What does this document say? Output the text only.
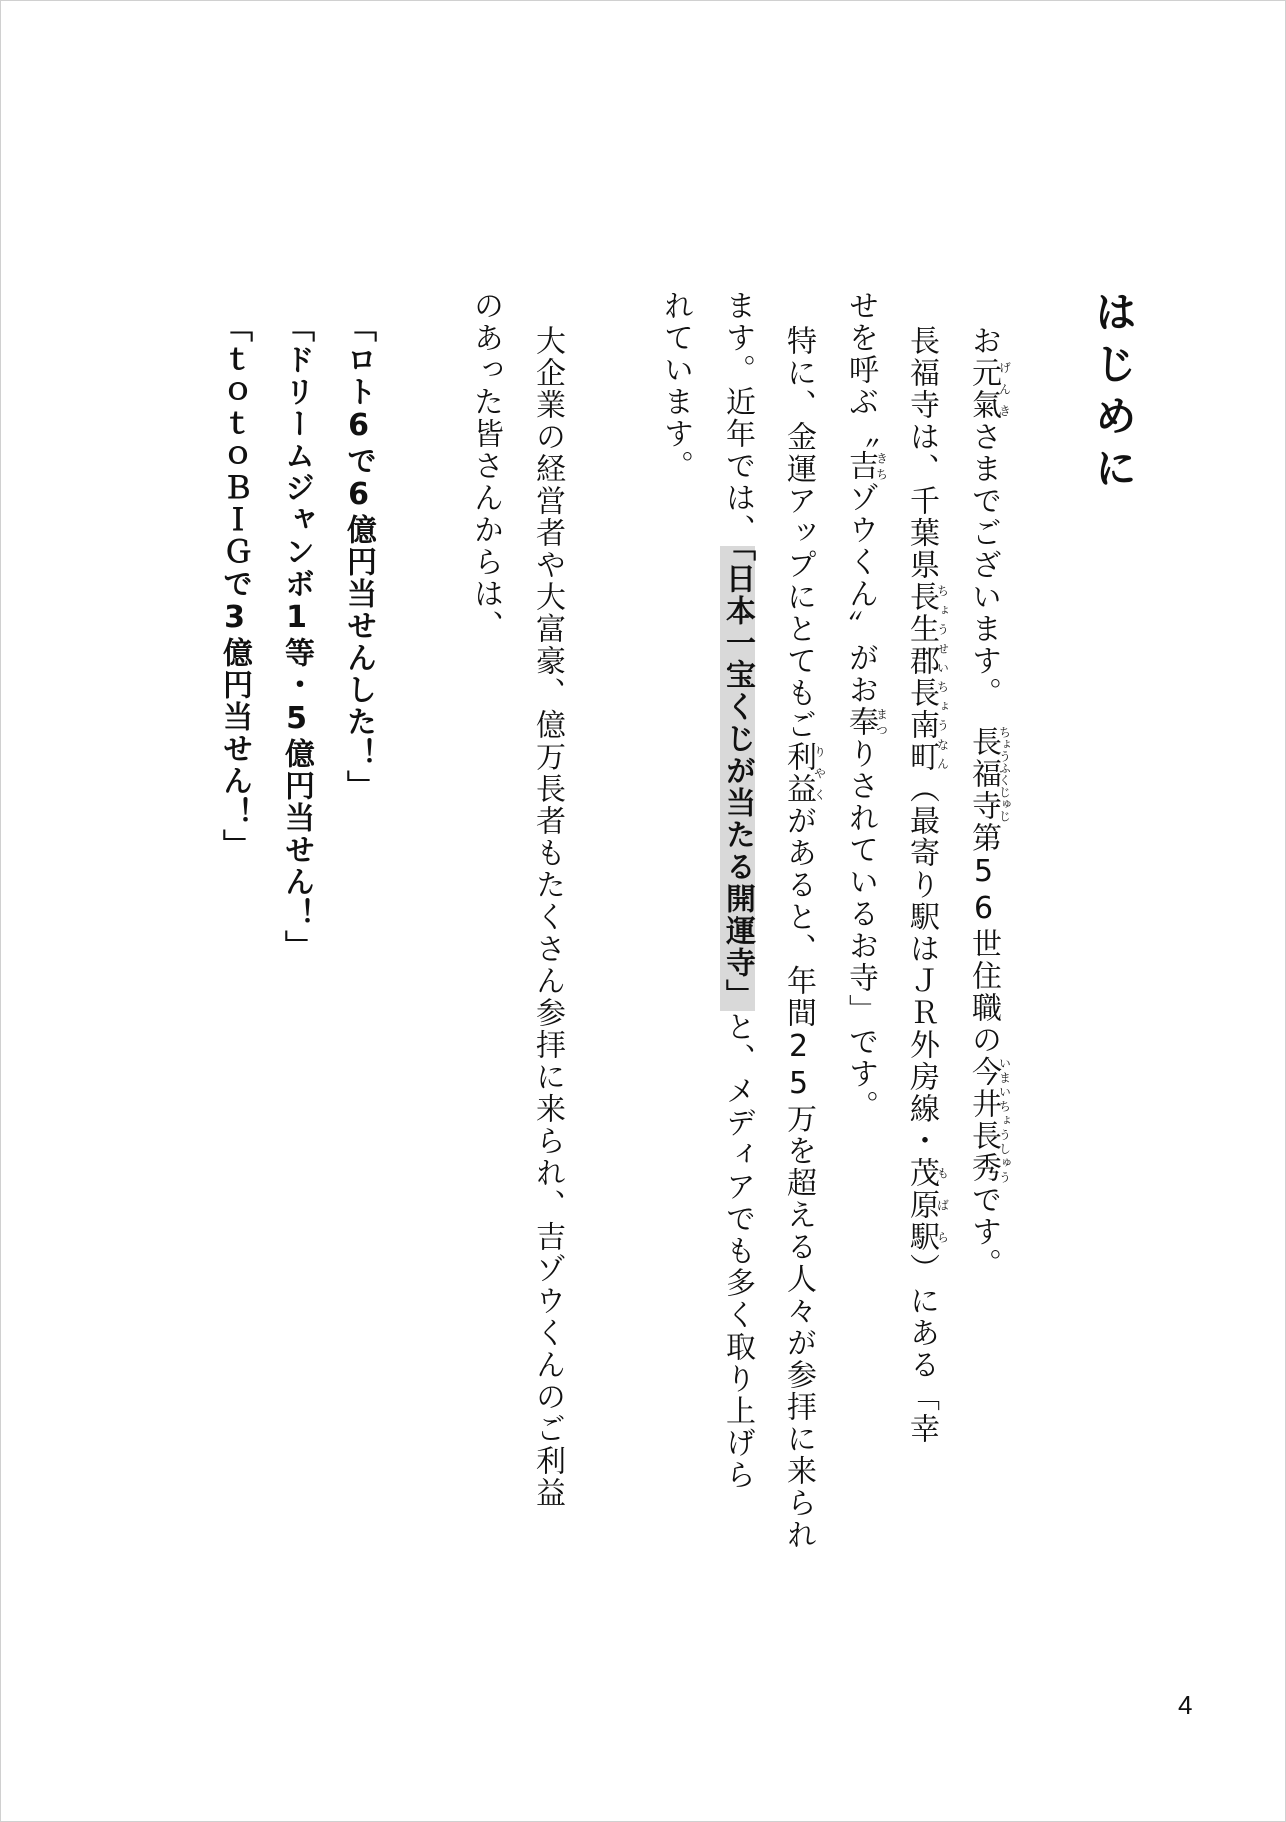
はじめに
お元氣げんきさまでございます。　長福寺ちょうふくじゅじ第56世住職の今井長秀いまいちょうしゅうです。
長福寺は、千葉県長生郡ちょうせい長南町ちょうなん（最寄り駅はＪＲ外房線・茂原駅もばら）にある「幸
せを呼ぶ〝吉きちゾウくん〟がお奉まつりされているお寺」です。
特に、金運アップにとてもご利益りやくがあると、年間25万を超える人々が参拝に来られ
ます。近年では、「日本一宝くじが当たる開運寺」と、メディアでも多く取り上げら
れています。
大企業の経営者や大富豪、億万長者もたくさん参拝に来られ、吉ゾウくんのご利益
のあった皆さんからは、
「ロト6で6億円当せんした！」
「ドリームジャンボ1等・5億円当せん！」
「ｔｏｔｏＢＩＧで3億円当せん！」
4
